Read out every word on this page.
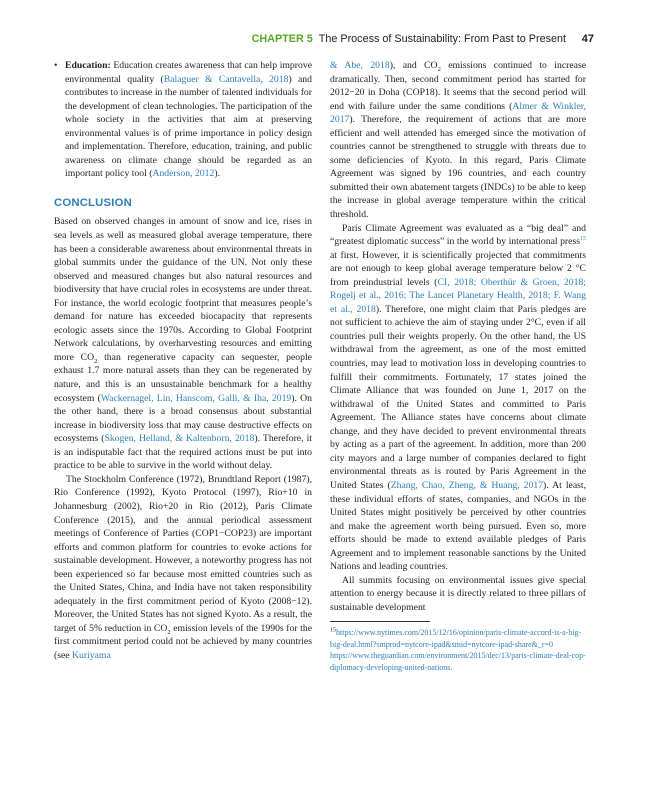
CHAPTER 5 The Process of Sustainability: From Past to Present 47
• Education: Education creates awareness that can help improve environmental quality (Balaguer & Cantavella, 2018) and contributes to increase in the number of talented individuals for the development of clean technologies. The participation of the whole society in the activities that aim at preserving environmental values is of prime importance in policy design and implementation. Therefore, education, training, and public awareness on climate change should be regarded as an important policy tool (Anderson, 2012).

CONCLUSION

Based on observed changes in amount of snow and ice, rises in sea levels as well as measured global average temperature, there has been a considerable awareness about environmental threats in global summits under the guidance of the UN. Not only these observed and measured changes but also natural resources and biodiversity that have crucial roles in ecosystems are under threat. For instance, the world ecologic footprint that measures people’s demand for nature has exceeded biocapacity that represents ecologic assets since the 1970s. According to Global Footprint Network calculations, by overharvesting resources and emitting more $CO_2$ than regenerative capacity can sequester, people exhaust 1.7 more natural assets than they can be regenerated by nature, and this is an unsustainable benchmark for a healthy ecosystem (Wackernagel, Lin, Hanscom, Galli, & Iha, 2019). On the other hand, there is a broad consensus about substantial increase in biodiversity loss that may cause destructive effects on ecosystems (Skogen, Helland, & Kaltenborn, 2018). Therefore, it is an indisputable fact that the required actions must be put into practice to be able to survive in the world without delay.

The Stockholm Conference (1972), Brundtland Report (1987), Rio Conference (1992), Kyoto Protocol (1997), Rio+10 in Johannesburg (2002), Rio+20 in Rio (2012), Paris Climate Conference (2015), and the annual periodical assessment meetings of Conference of Parties (COP1−COP23) are important efforts and common platform for countries to evoke actions for sustainable development. However, a noteworthy progress has not been experienced so far because most emitted countries such as the United States, China, and India have not taken responsibility adequately in the first commitment period of Kyoto (2008−12). Moreover, the United States has not signed Kyoto. As a result, the target of 5% reduction in $CO_2$ emission levels of the 1990s for the first commitment period could not be achieved by many countries (see Kuriyama

& Abe, 2018), and $CO_2$ emissions continued to increase dramatically. Then, second commitment period has started for 2012−20 in Doha (COP18). It seems that the second period will end with failure under the same conditions (Almer & Winkler, 2017). Therefore, the requirement of actions that are more efficient and well attended has emerged since the motivation of countries cannot be strengthened to struggle with threats due to some deficiencies of Kyoto. In this regard, Paris Climate Agreement was signed by 196 countries, and each country submitted their own abatement targets (INDCs) to be able to keep the increase in global average temperature within the critical threshold.

Paris Climate Agreement was evaluated as a “big deal” and “greatest diplomatic success” in the world by international press$^{15}$ at first. However, it is scientifically projected that commitments are not enough to keep global average temperature below 2 °C from preindustrial levels (CI, 2018; Oberthür & Groen, 2018; Rogelj et al., 2016; The Lancet Planetary Health, 2018; F. Wang et al., 2018). Therefore, one might claim that Paris pledges are not sufficient to achieve the aim of staying under 2°C, even if all countries pull their weights properly. On the other hand, the US withdrawal from the agreement, as one of the most emitted countries, may lead to motivation loss in developing countries to fulfill their commitments. Fortunately, 17 states joined the Climate Alliance that was founded on June 1, 2017 on the withdrawal of the United States and committed to Paris Agreement. The Alliance states have concerns about climate change, and they have decided to prevent environmental threats by acting as a part of the agreement. In addition, more than 200 city mayors and a large number of companies declared to fight environmental threats as is routed by Paris Agreement in the United States (Zhang, Chao, Zheng, & Huang, 2017). At least, these individual efforts of states, companies, and NGOs in the United States might positively be perceived by other countries and make the agreement worth being pursued. Even so, more efforts should be made to extend available pledges of Paris Agreement and to implement reasonable sanctions by the United Nations and leading countries.

All summits focusing on environmental issues give special attention to energy because it is directly related to three pillars of sustainable development

$^{15}$https://www.nytimes.com/2015/12/16/opinion/paris-climate-accord-is-a-big-big-deal.html?smprod=nytcore-ipad&smid=nytcore-ipad-share&_r=0 https://www.theguardian.com/environment/2015/dec/13/paris-climate-deal-cop-diplomacy-developing-united-nations.
